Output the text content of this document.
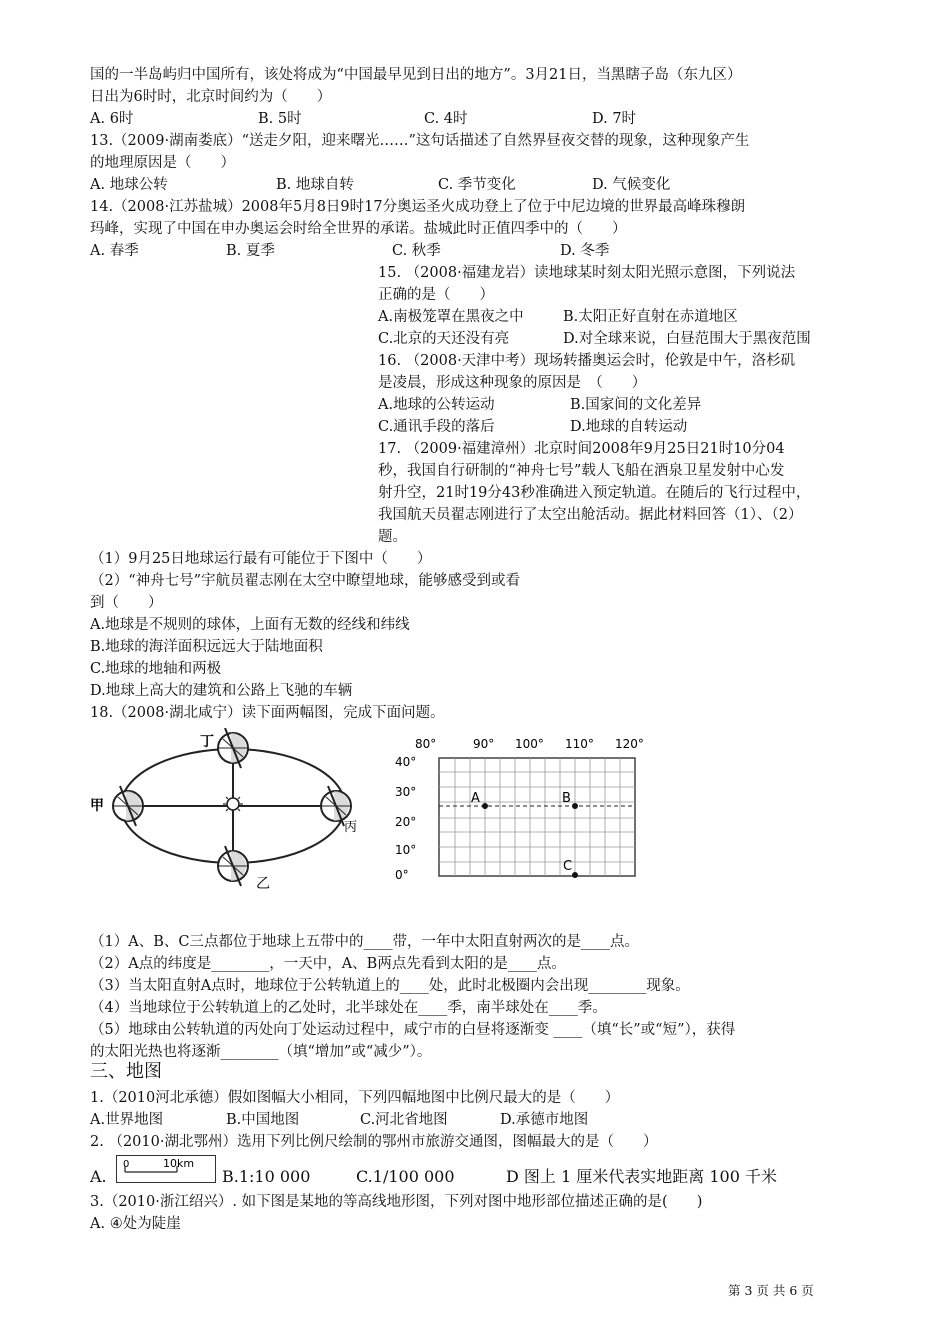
国的一半岛屿归中国所有，该处将成为“中国最早见到日出的地方”。3月21日，当黑瞎子岛（东九区）
日出为6时时，北京时间约为（　　）
A. 6时	B. 5时	C. 4时	D. 7时
13.（2009·湖南娄底）“送走夕阳，迎来曙光……”这句话描述了自然界昼夜交替的现象，这种现象产生
的地理原因是（　　）
A. 地球公转	B. 地球自转	C. 季节变化	D. 气候变化
14.（2008·江苏盐城）2008年5月8日9时17分奥运圣火成功登上了位于中尼边境的世界最高峰珠穆朗
玛峰，实现了中国在申办奥运会时给全世界的承诺。盐城此时正值四季中的（　　）
A. 春季	B. 夏季	C. 秋季	D. 冬季
15. （2008·福建龙岩）读地球某时刻太阳光照示意图，下列说法
正确的是（　　）
A.南极笼罩在黑夜之中	B.太阳正好直射在赤道地区
C.北京的天还没有亮	D.对全球来说，白昼范围大于黑夜范围
16. （2008·天津中考）现场转播奥运会时，伦敦是中午，洛杉矶
是凌晨，形成这种现象的原因是　（　　）
A.地球的公转运动	B.国家间的文化差异
C.通讯手段的落后	D.地球的自转运动
17. （2009·福建漳州）北京时间2008年9月25日21时10分04
秒，我国自行研制的“神舟七号”载人飞船在酒泉卫星发射中心发
射升空，21时19分43秒准确进入预定轨道。在随后的飞行过程中，
我国航天员翟志刚进行了太空出舱活动。据此材料回答（1）、（2）
题。
（1）9月25日地球运行最有可能位于下图中（　　）
（2）“神舟七号”宇航员翟志刚在太空中瞭望地球，能够感受到或看
到（　　）
A.地球是不规则的球体，上面有无数的经线和纬线
B.地球的海洋面积远远大于陆地面积
C.地球的地轴和两极
D.地球上高大的建筑和公路上飞驰的车辆
18.（2008·湖北咸宁）读下面两幅图，完成下面问题。
丁
甲
丙
乙
80°	90° 100° 110° 120°
40°
30°
20°
10°
0°
A	B
C
（1）A、B、C三点都位于地球上五带中的____带，一年中太阳直射两次的是____点。
（2）A点的纬度是________，一天中，A、B两点先看到太阳的是____点。
（3）当太阳直射A点时，地球位于公转轨道上的____处，此时北极圈内会出现________现象。
（4）当地球位于公转轨道上的乙处时，北半球处在____季，南半球处在____季。
（5）地球由公转轨道的丙处向丁处运动过程中，咸宁市的白昼将逐渐变 ____（填“长”或“短”），获得
的太阳光热也将逐渐________（填“增加”或“减少”）。
三、地图
1.（2010河北承德）假如图幅大小相同，下列四幅地图中比例尺最大的是（　　）
A.世界地图	B.中国地图	C.河北省地图	D.承德市地图
2. （2010·湖北鄂州）选用下列比例尺绘制的鄂州市旅游交通图，图幅最大的是（　　）
A.
0	10km
B.1:10 000	C.1/100 000	D 图上 1 厘米代表实地距离 100 千米
3.（2010·浙江绍兴）. 如下图是某地的等高线地形图，下列对图中地形部位描述正确的是(　　)
A. ④处为陡崖
第 3 页 共 6 页
